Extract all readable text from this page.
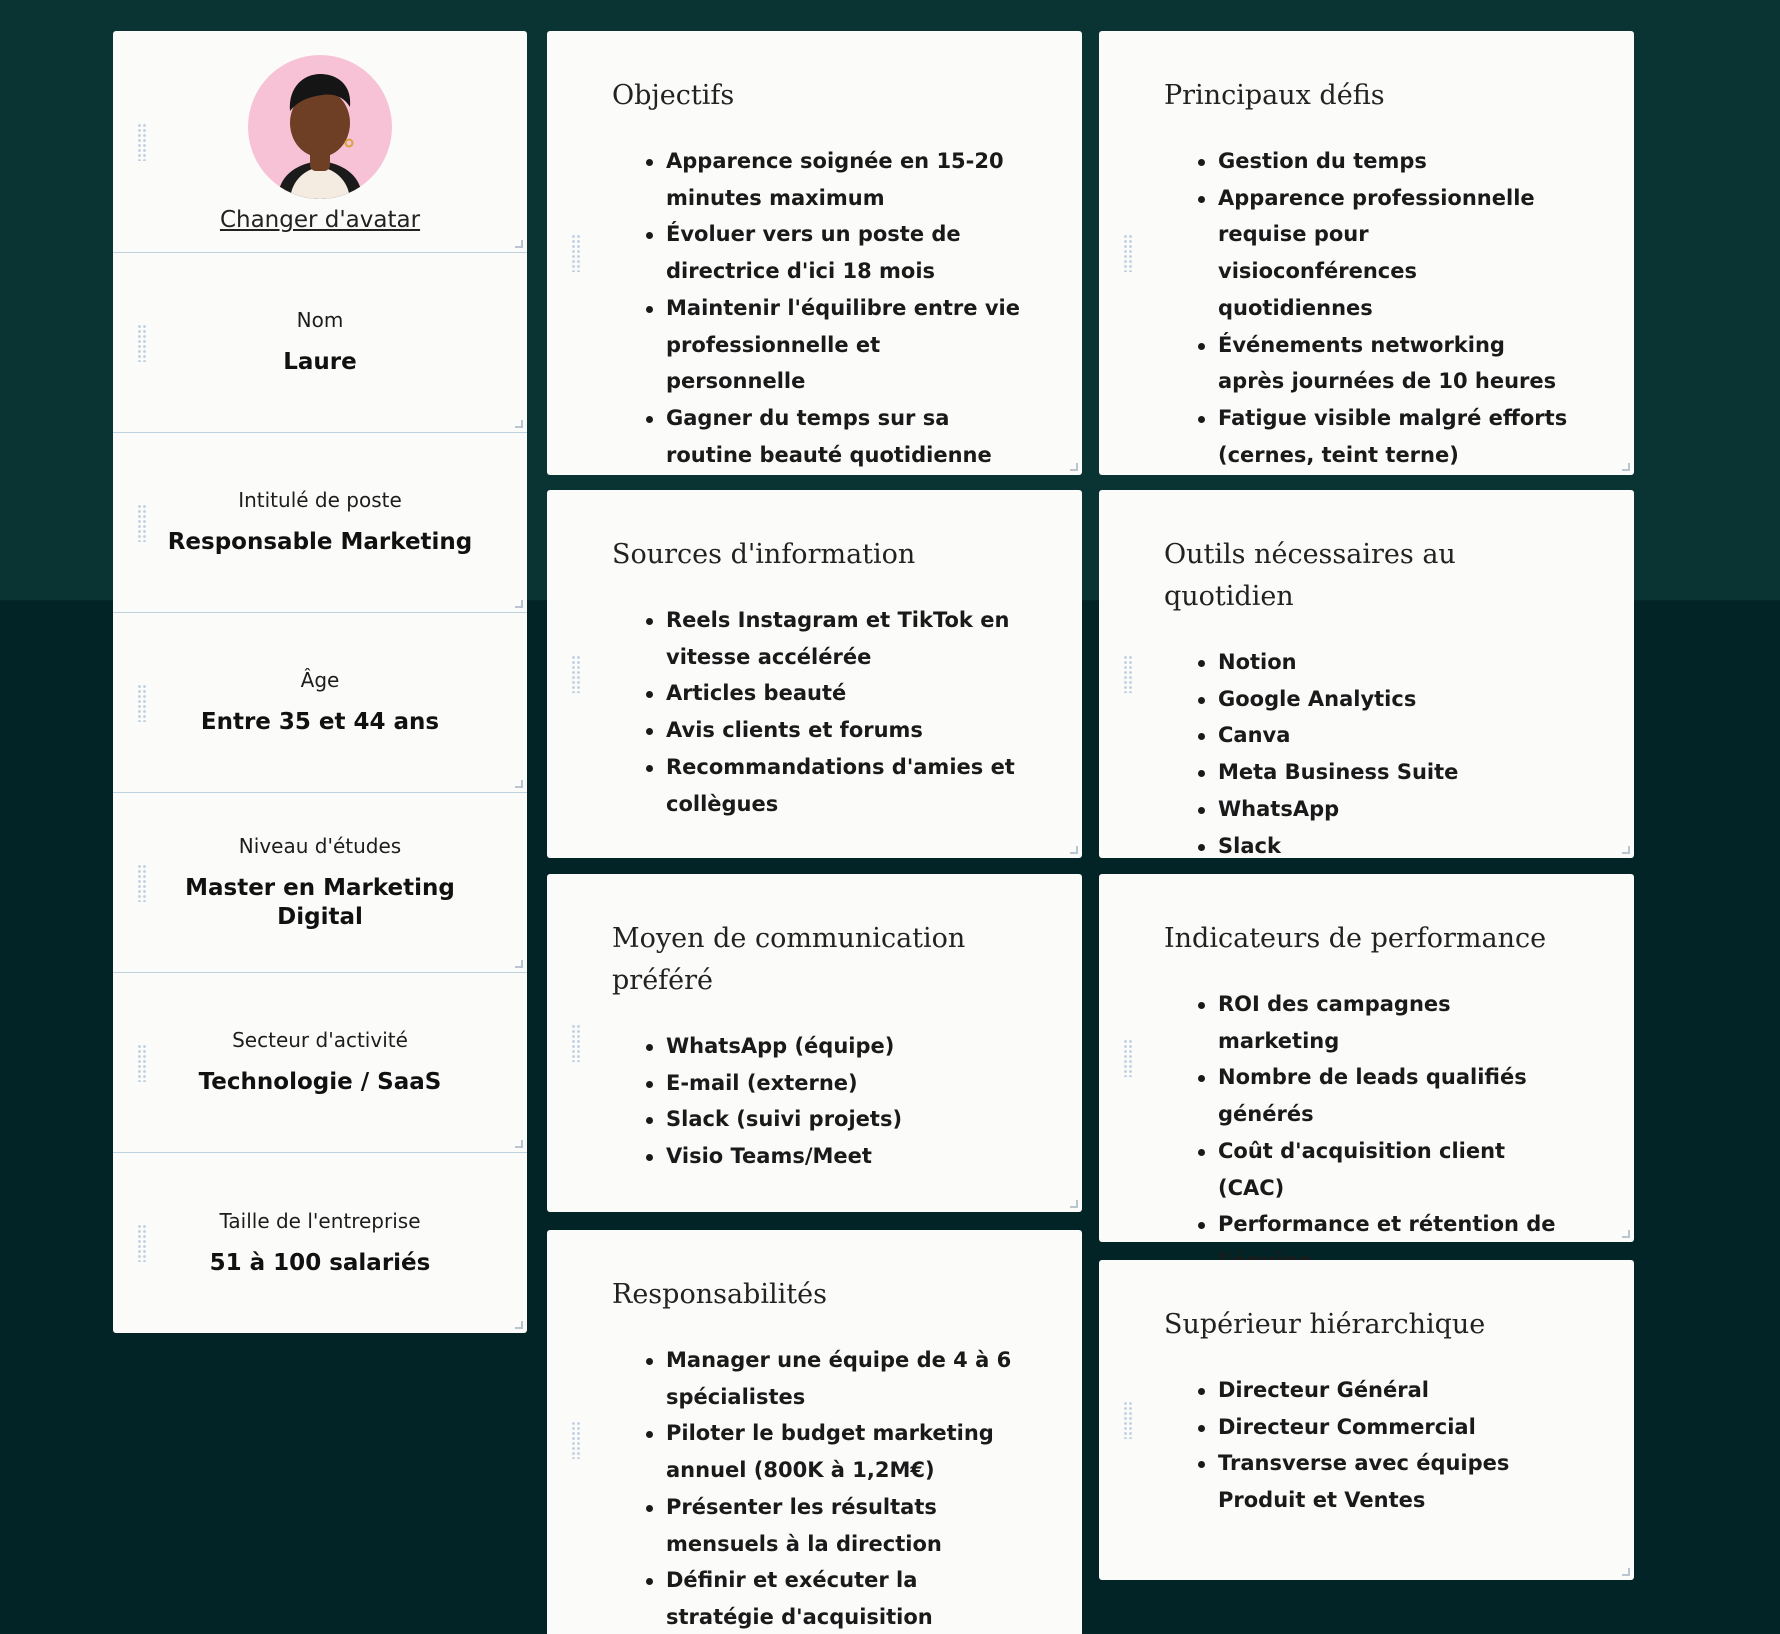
Changer d'avatar
Nom
Laure
Intitulé de poste
Responsable Marketing
Âge
Entre 35 et 44 ans
Niveau d'études
Master en Marketing Digital
Secteur d'activité
Technologie / SaaS
Taille de l'entreprise
51 à 100 salariés
Objectifs
Apparence soignée en 15-20 minutes maximum
Évoluer vers un poste de directrice d'ici 18 mois
Maintenir l'équilibre entre vie professionnelle et personnelle
Gagner du temps sur sa routine beauté quotidienne
Sources d'information
Reels Instagram et TikTok en vitesse accélérée
Articles beauté
Avis clients et forums
Recommandations d'amies et collègues
Moyen de communication préféré
WhatsApp (équipe)
E-mail (externe)
Slack (suivi projets)
Visio Teams/Meet
Responsabilités
Manager une équipe de 4 à 6 spécialistes
Piloter le budget marketing annuel (800K à 1,2M€)
Présenter les résultats mensuels à la direction
Définir et exécuter la stratégie d'acquisition
Principaux défis
Gestion du temps
Apparence professionnelle requise pour visioconférences quotidiennes
Événements networking après journées de 10 heures
Fatigue visible malgré efforts (cernes, teint terne)
Outils nécessaires au quotidien
Notion
Google Analytics
Canva
Meta Business Suite
WhatsApp
Slack
Indicateurs de performance
ROI des campagnes marketing
Nombre de leads qualifiés générés
Coût d'acquisition client (CAC)
Performance et rétention de
Supérieur hiérarchique
Directeur Général
Directeur Commercial
Transverse avec équipes Produit et Ventes
